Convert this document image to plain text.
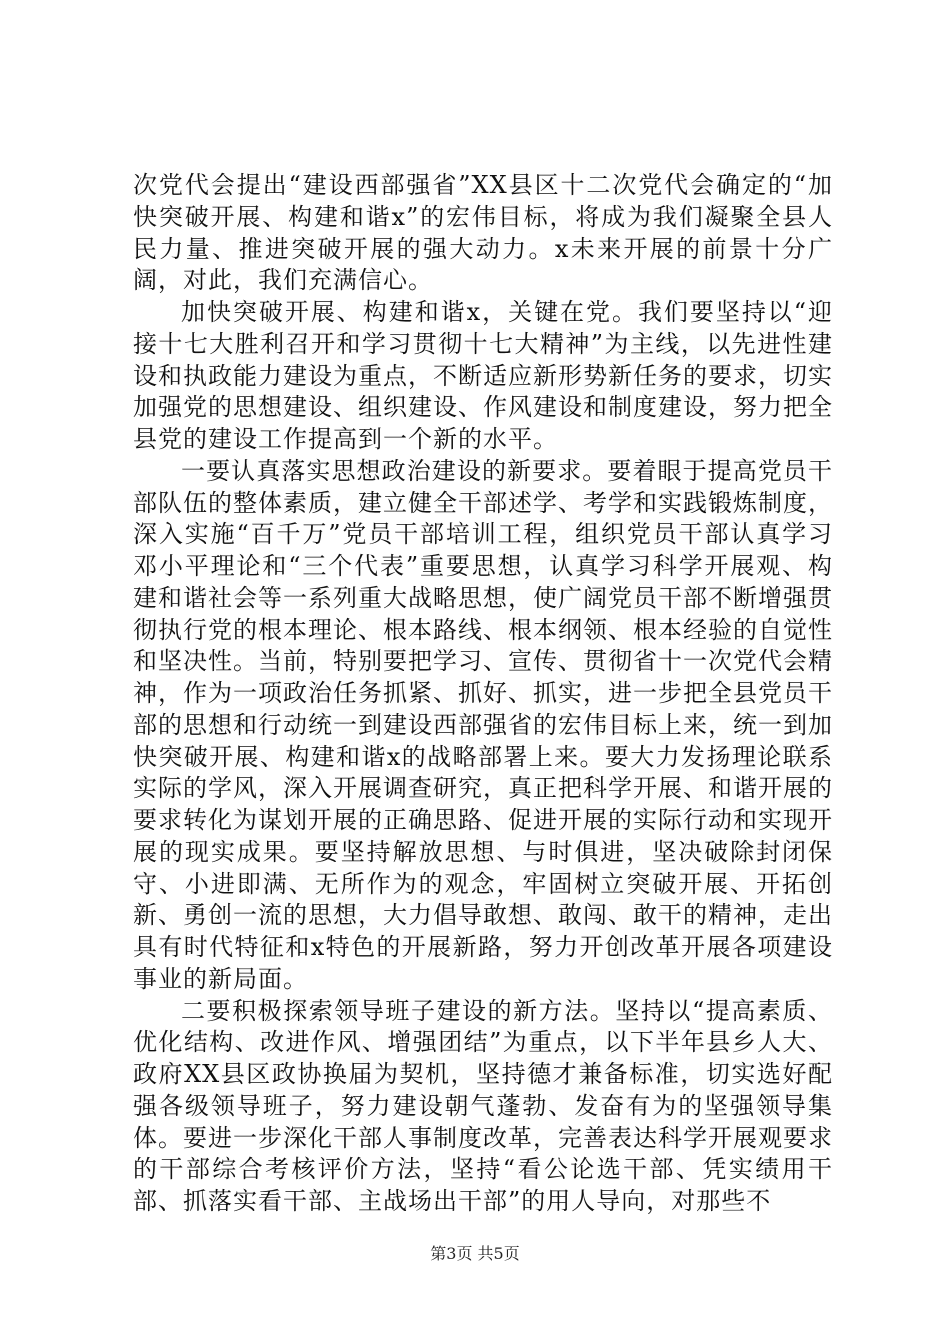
次党代会提出“建设西部强省”XX县区十二次党代会确定的“加快突破开展、构建和谐x”的宏伟目标，将成为我们凝聚全县人民力量、推进突破开展的强大动力。x未来开展的前景十分广阔，对此，我们充满信心。

加快突破开展、构建和谐x，关键在党。我们要坚持以“迎接十七大胜利召开和学习贯彻十七大精神”为主线，以先进性建设和执政能力建设为重点，不断适应新形势新任务的要求，切实加强党的思想建设、组织建设、作风建设和制度建设，努力把全县党的建设工作提高到一个新的水平。

一要认真落实思想政治建设的新要求。要着眼于提高党员干部队伍的整体素质，建立健全干部述学、考学和实践锻炼制度，深入实施“百千万”党员干部培训工程，组织党员干部认真学习邓小平理论和“三个代表”重要思想，认真学习科学开展观、构建和谐社会等一系列重大战略思想，使广阔党员干部不断增强贯彻执行党的根本理论、根本路线、根本纲领、根本经验的自觉性和坚决性。当前，特别要把学习、宣传、贯彻省十一次党代会精神，作为一项政治任务抓紧、抓好、抓实，进一步把全县党员干部的思想和行动统一到建设西部强省的宏伟目标上来，统一到加快突破开展、构建和谐x的战略部署上来。要大力发扬理论联系实际的学风，深入开展调查研究，真正把科学开展、和谐开展的要求转化为谋划开展的正确思路、促进开展的实际行动和实现开展的现实成果。要坚持解放思想、与时俱进，坚决破除封闭保守、小进即满、无所作为的观念，牢固树立突破开展、开拓创新、勇创一流的思想，大力倡导敢想、敢闯、敢干的精神，走出具有时代特征和x特色的开展新路，努力开创改革开展各项建设事业的新局面。

二要积极探索领导班子建设的新方法。坚持以“提高素质、优化结构、改进作风、增强团结”为重点，以下半年县乡人大、政府XX县区政协换届为契机，坚持德才兼备标准，切实选好配强各级领导班子，努力建设朝气蓬勃、发奋有为的坚强领导集体。要进一步深化干部人事制度改革，完善表达科学开展观要求的干部综合考核评价方法，坚持“看公论选干部、凭实绩用干部、抓落实看干部、主战场出干部”的用人导向，对那些不

第3页 共5页
